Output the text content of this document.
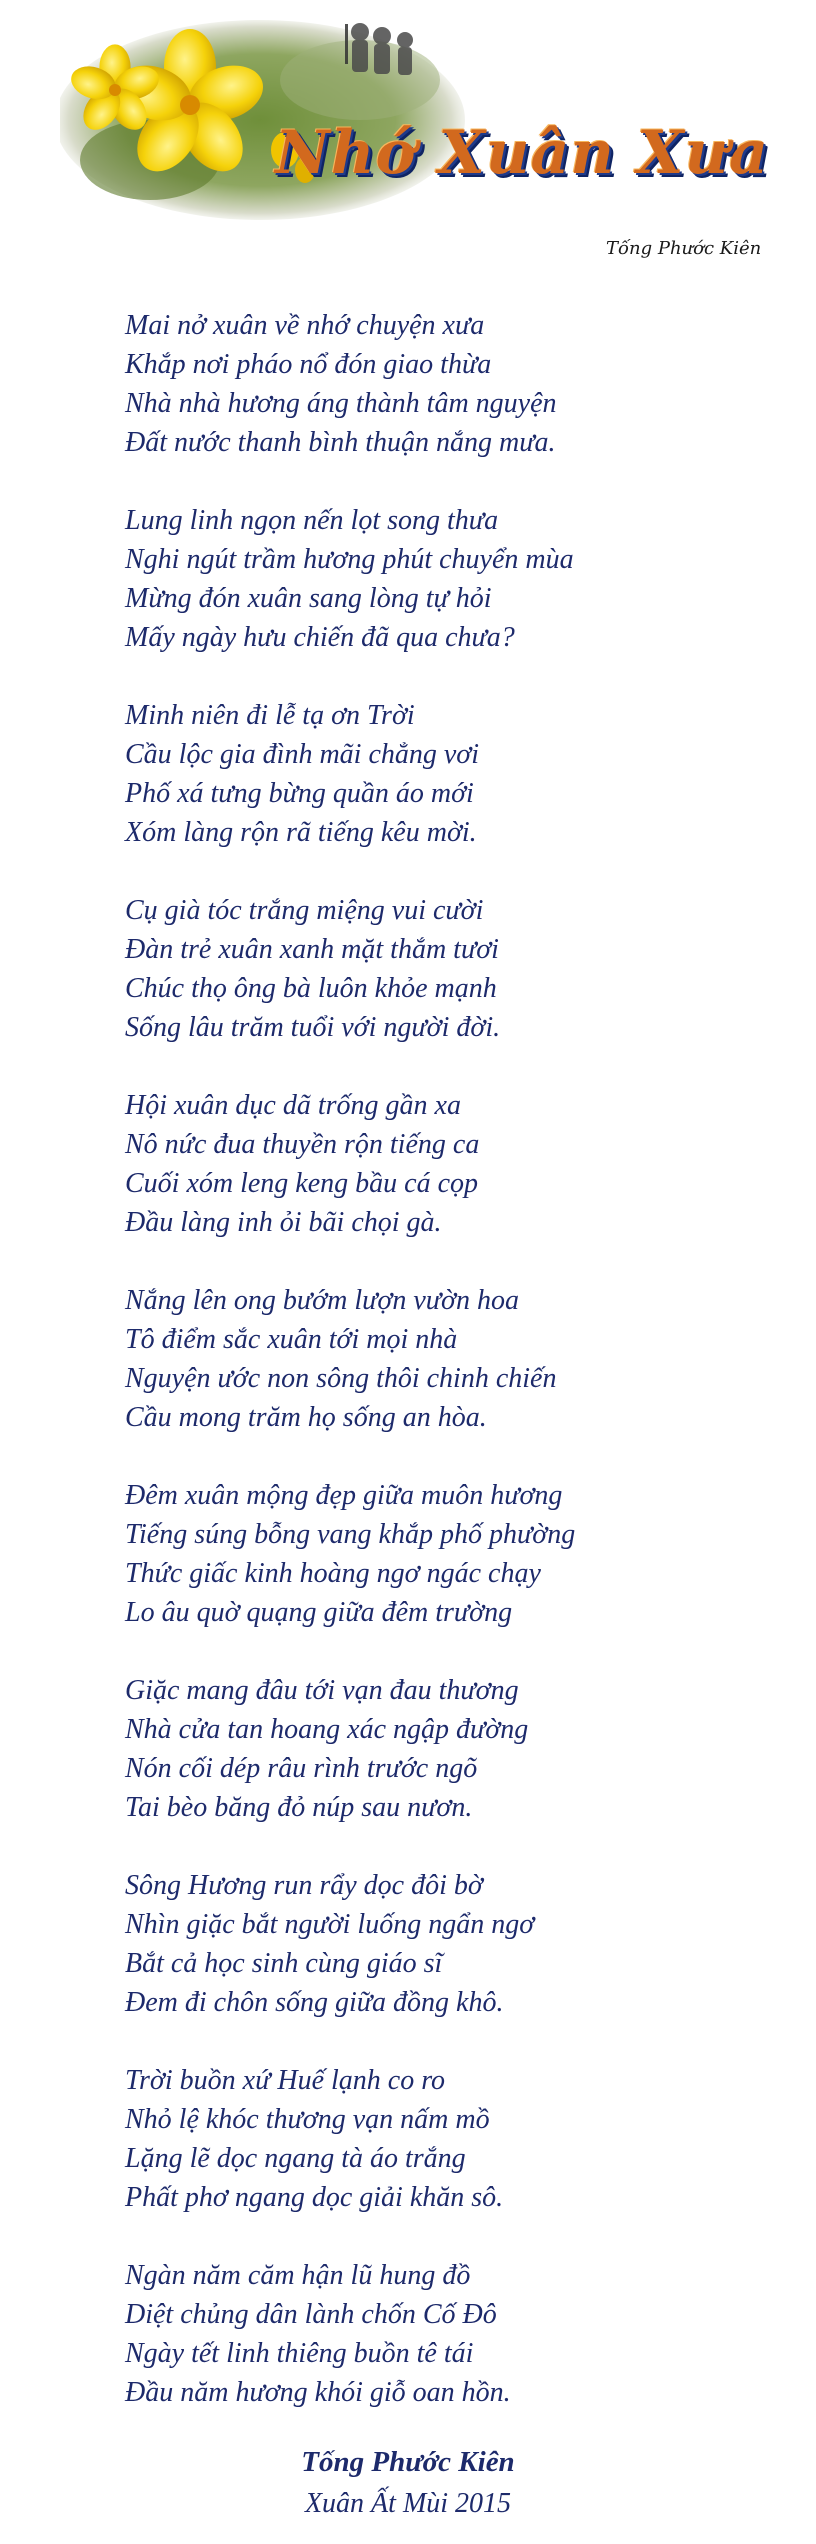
Nhớ Xuân Xưa
Tống Phước Kiên
Mai nở xuân về nhớ chuyện xưa
Khắp nơi pháo nổ đón giao thừa
Nhà nhà hương áng thành tâm nguyện
Đất nước thanh bình thuận nắng mưa.
Lung linh ngọn nến lọt song thưa
Nghi ngút trầm hương phút chuyển mùa
Mừng đón xuân sang lòng tự hỏi
Mấy ngày hưu chiến đã qua chưa?
Minh niên đi lễ tạ ơn Trời
Cầu lộc gia đình mãi chẳng vơi
Phố xá tưng bừng quần áo mới
Xóm làng rộn rã tiếng kêu mời.
Cụ già tóc trắng miệng vui cười
Đàn trẻ xuân xanh mặt thắm tươi
Chúc thọ ông bà luôn khỏe mạnh
Sống lâu trăm tuổi với người đời.
Hội xuân dục dã trống gần xa
Nô nức đua thuyền rộn tiếng ca
Cuối xóm leng keng bầu cá cọp
Đầu làng inh ỏi bãi chọi gà.
Nắng lên ong bướm lượn vườn hoa
Tô điểm sắc xuân tới mọi nhà
Nguyện ước non sông thôi chinh chiến
Cầu mong trăm họ sống an hòa.
Đêm xuân mộng đẹp giữa muôn hương
Tiếng súng bỗng vang khắp phố phường
Thức giấc kinh hoàng ngơ ngác chạy
Lo âu quờ quạng giữa đêm trường
Giặc mang đâu tới vạn đau thương
Nhà cửa tan hoang xác ngập đường
Nón cối dép râu rình trước ngõ
Tai bèo băng đỏ núp sau nươn.
Sông Hương run rẩy dọc đôi bờ
Nhìn giặc bắt người luống ngẩn ngơ
Bắt cả học sinh cùng giáo sĩ
Đem đi chôn sống giữa đồng khô.
Trời buồn xứ Huế lạnh co ro
Nhỏ lệ khóc thương vạn nấm mồ
Lặng lẽ dọc ngang tà áo trắng
Phất phơ ngang dọc giải khăn sô.
Ngàn năm căm hận lũ hung đồ
Diệt chủng dân lành chốn Cố Đô
Ngày tết linh thiêng buồn tê tái
Đầu năm hương khói giỗ oan hồn.
Tống Phước Kiên
Xuân Ất Mùi 2015
